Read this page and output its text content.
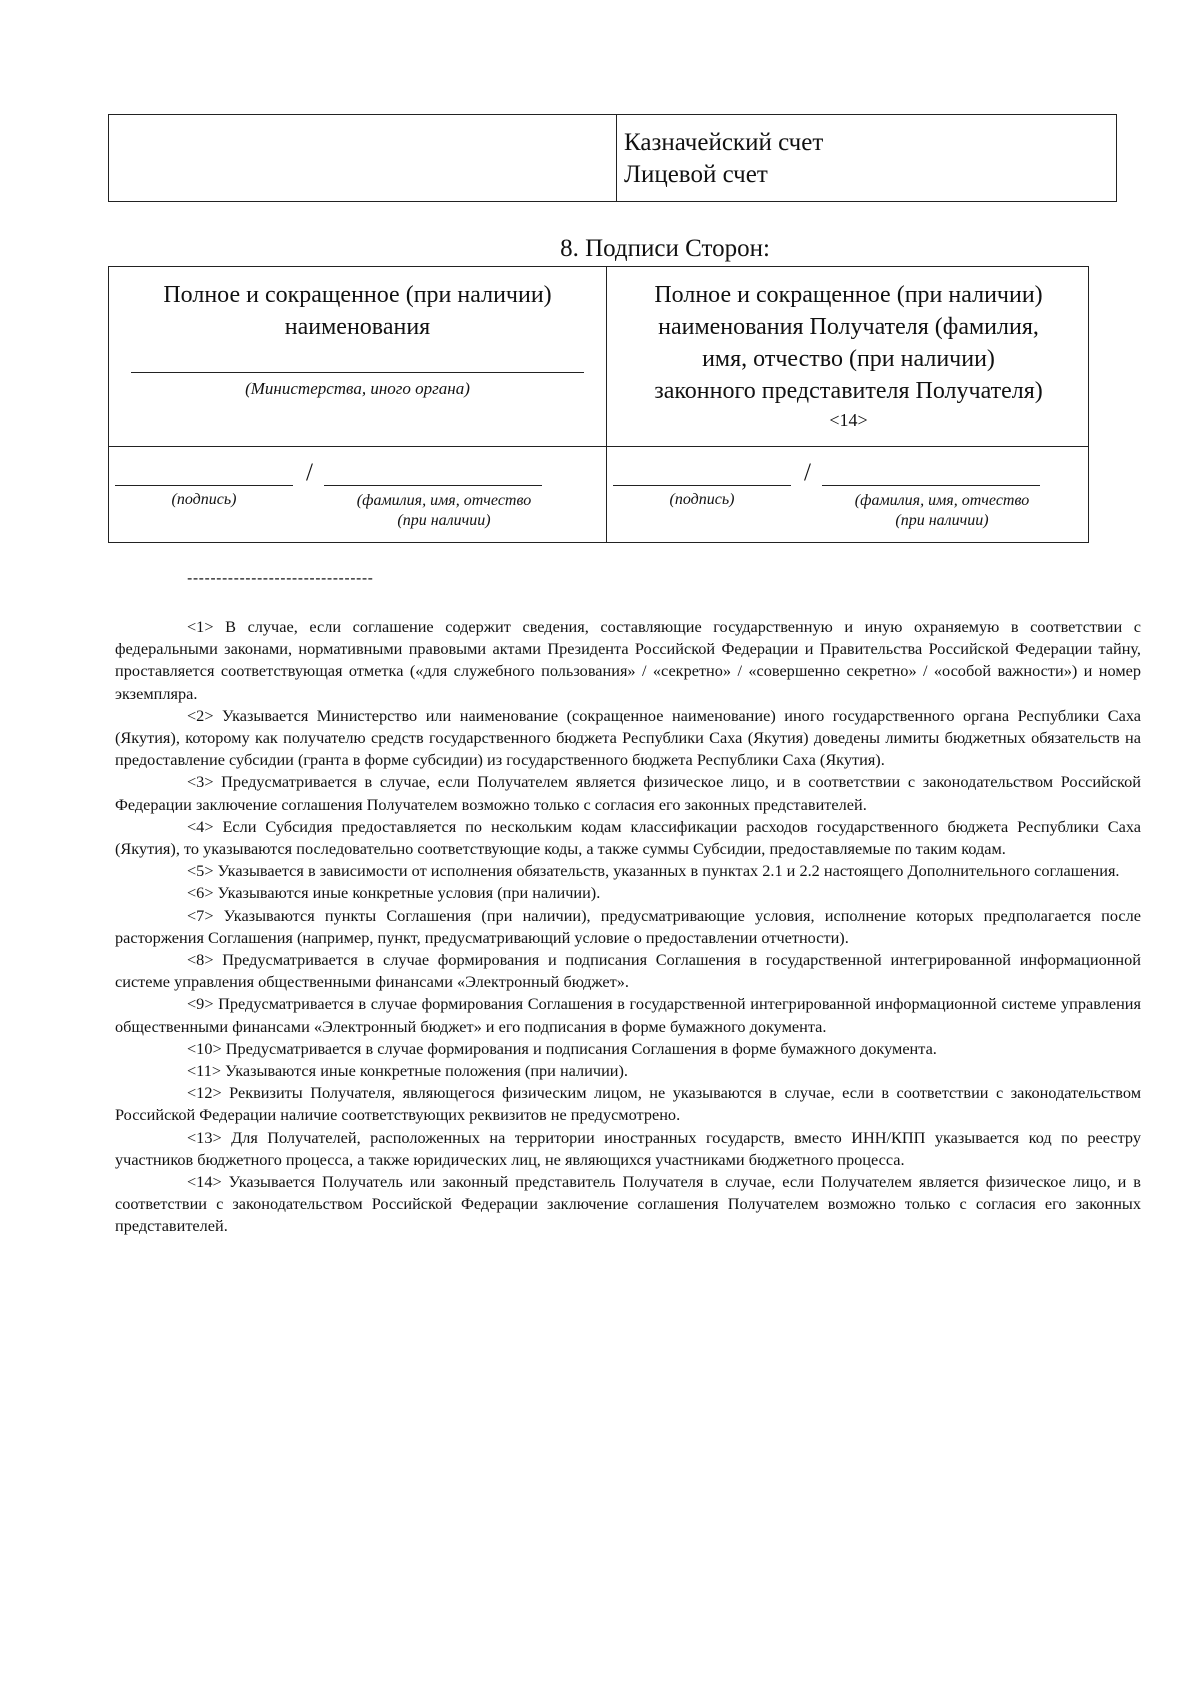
Казначейский счет
Лицевой счет
8. Подписи Сторон:
Полное и сокращенное (при наличии)
наименования
(Министерства, иного органа)
Полное и сокращенное (при наличии)
наименования Получателя (фамилия,
имя, отчество (при наличии)
законного представителя Получателя)
<14>
/
(подпись)	(фамилия, имя, отчество
(при наличии)
/
(подпись)	(фамилия, имя, отчество
(при наличии)
--------------------------------

<1> В случае, если соглашение содержит сведения, составляющие государственную и иную охраняемую в соответствии с федеральными законами, нормативными правовыми актами Президента Российской Федерации и Правительства Российской Федерации тайну, проставляется соответствующая отметка («для служебного пользования» / «секретно» / «совершенно секретно» / «особой важности») и номер экземпляра.

<2> Указывается Министерство или наименование (сокращенное наименование) иного государственного органа Республики Саха (Якутия), которому как получателю средств государственного бюджета Республики Саха (Якутия) доведены лимиты бюджетных обязательств на предоставление субсидии (гранта в форме субсидии) из государственного бюджета Республики Саха (Якутия).

<3> Предусматривается в случае, если Получателем является физическое лицо, и в соответствии с законодательством Российской Федерации заключение соглашения Получателем возможно только с согласия его законных представителей.

<4> Если Субсидия предоставляется по нескольким кодам классификации расходов государственного бюджета Республики Саха (Якутия), то указываются последовательно соответствующие коды, а также суммы Субсидии, предоставляемые по таким кодам.

<5> Указывается в зависимости от исполнения обязательств, указанных в пунктах 2.1 и 2.2 настоящего Дополнительного соглашения.

<6> Указываются иные конкретные условия (при наличии).

<7> Указываются пункты Соглашения (при наличии), предусматривающие условия, исполнение которых предполагается после расторжения Соглашения (например, пункт, предусматривающий условие о предоставлении отчетности).

<8> Предусматривается в случае формирования и подписания Соглашения в государственной интегрированной информационной системе управления общественными финансами «Электронный бюджет».

<9> Предусматривается в случае формирования Соглашения в государственной интегрированной информационной системе управления общественными финансами «Электронный бюджет» и его подписания в форме бумажного документа.

<10> Предусматривается в случае формирования и подписания Соглашения в форме бумажного документа.

<11> Указываются иные конкретные положения (при наличии).

<12> Реквизиты Получателя, являющегося физическим лицом, не указываются в случае, если в соответствии с законодательством Российской Федерации наличие соответствующих реквизитов не предусмотрено.

<13> Для Получателей, расположенных на территории иностранных государств, вместо ИНН/КПП указывается код по реестру участников бюджетного процесса, а также юридических лиц, не являющихся участниками бюджетного процесса.

<14> Указывается Получатель или законный представитель Получателя в случае, если Получателем является физическое лицо, и в соответствии с законодательством Российской Федерации заключение соглашения Получателем возможно только с согласия его законных представителей.
